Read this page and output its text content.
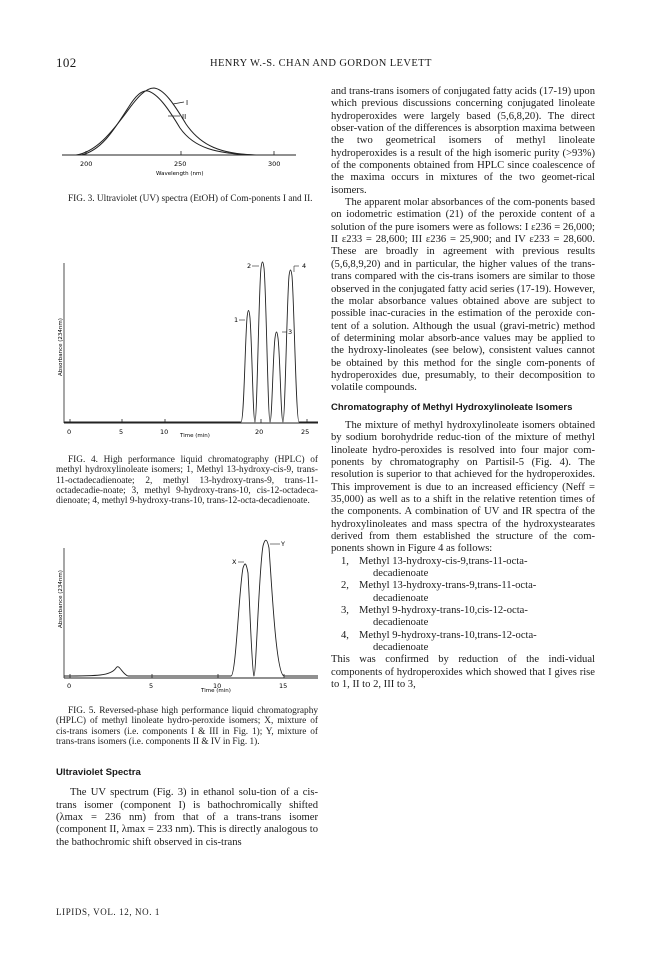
102	HENRY W.-S. CHAN AND GORDON LEVETT
I
II
200	250	300
Wavelength (nm)
FIG. 3. Ultraviolet (UV) spectra (EtOH) of Com-ponents I and II.
1
2
3
4
Absorbance (234nm)
0	5	10	20	25
Time (min)
FIG. 4. High performance liquid chromatography (HPLC) of methyl hydroxylinoleate isomers; 1, Methyl 13-hydroxy-cis-9, trans-11-octadecadienoate; 2, methyl 13-hydroxy-trans-9, trans-11-octadecadie-noate; 3, methyl 9-hydroxy-trans-10, cis-12-octadeca-dienoate; 4, methyl 9-hydroxy-trans-10, trans-12-octa-decadienoate.
X
Y
Absorbance (234nm)
0	5	10	15
Time (min)
FIG. 5. Reversed-phase high performance liquid chromatography (HPLC) of methyl linoleate hydro-peroxide isomers; X, mixture of cis-trans isomers (i.e. components I & III in Fig. 1); Y, mixture of trans-trans isomers (i.e. components II & IV in Fig. 1).
Ultraviolet Spectra

The UV spectrum (Fig. 3) in ethanol solu-tion of a cis-trans isomer (component I) is bathochromically shifted (λmax = 236 nm) from that of a trans-trans isomer (component II, λmax = 233 nm). This is directly analogous to the bathochromic shift observed in cis-trans

and trans-trans isomers of conjugated fatty acids (17-19) upon which previous discussions concerning conjugated linoleate hydroperoxides were largely based (5,6,8,20). The direct obser-vation of the differences is absorption maxima between the two geometrical isomers of methyl linoleate hydroperoxides is a result of the high isomeric purity (>93%) of the components obtained from HPLC since coalescence of the maxima occurs in mixtures of the two geomet-rical isomers.

The apparent molar absorbances of the com-ponents based on iodometric estimation (21) of the peroxide content of a solution of the pure isomers were as follows: I ε236 = 26,000; II ε233 = 28,600; III ε236 = 25,900; and IV ε233 = 28,600. These are broadly in agreement with previous results (5,6,8,9,20) and in particular, the higher values of the trans-trans compared with the cis-trans isomers are similar to those observed in the conjugated fatty acid series (17-19). However, the molar absorbance values obtained above are subject to possible inac-curacies in the estimation of the peroxide con-tent of a solution. Although the usual (gravi-metric) method of determining molar absorb-ance values may be applied to the hydroxy-linoleates (see below), consistent values cannot be obtained by this method for the single com-ponents of hydroperoxides due, presumably, to their decomposition to volatile compounds.

Chromatography of Methyl Hydroxylinoleate Isomers

The mixture of methyl hydroxylinoleate isomers obtained by sodium borohydride reduc-tion of the mixture of methyl linoleate hydro-peroxides is resolved into four major com-ponents by chromatography on Partisil-5 (Fig. 4). The resolution is superior to that achieved for the hydroperoxides. This improvement is due to an increased efficiency (Neff = 35,000) as well as to a shift in the relative retention times of the components. A combination of UV and IR spectra of the hydroxylinoleates and mass spectra of the hydroxystearates derived from them established the structure of the com-ponents shown in Figure 4 as follows:

1, Methyl 13-hydroxy-cis-9,trans-11-octa-
decadienoate
2, Methyl 13-hydroxy-trans-9,trans-11-octa-
decadienoate
3, Methyl 9-hydroxy-trans-10,cis-12-octa-
decadienoate
4, Methyl 9-hydroxy-trans-10,trans-12-octa-
decadienoate

This was confirmed by reduction of the indi-vidual components of hydroperoxides which showed that I gives rise to 1, II to 2, III to 3,

LIPIDS, VOL. 12, NO. 1
